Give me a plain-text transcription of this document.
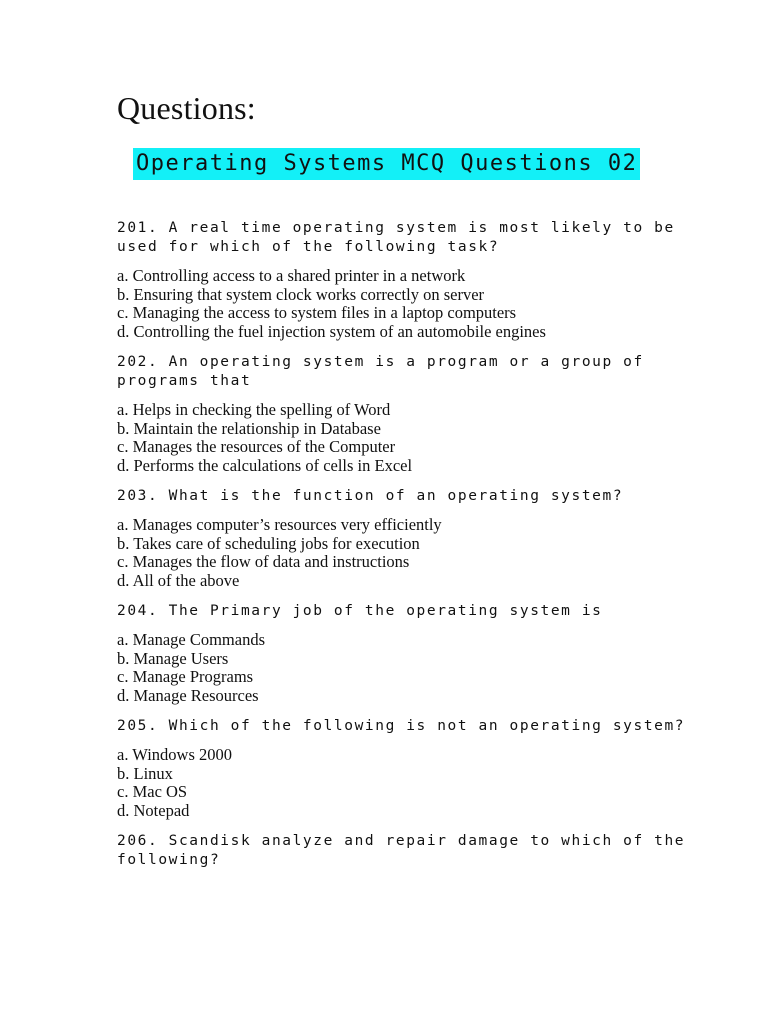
Questions:
Operating Systems MCQ Questions 02
201. A real time operating system is most likely to be
used for which of the following task?
a. Controlling access to a shared printer in a network
b. Ensuring that system clock works correctly on server
c. Managing the access to system files in a laptop computers
d. Controlling the fuel injection system of an automobile engines
202. An operating system is a program or a group of
programs that
a. Helps in checking the spelling of Word
b. Maintain the relationship in Database
c. Manages the resources of the Computer
d. Performs the calculations of cells in Excel
203. What is the function of an operating system?
a. Manages computer’s resources very efficiently
b. Takes care of scheduling jobs for execution
c. Manages the flow of data and instructions
d. All of the above
204. The Primary job of the operating system is
a. Manage Commands
b. Manage Users
c. Manage Programs
d. Manage Resources
205. Which of the following is not an operating system?
a. Windows 2000
b. Linux
c. Mac OS
d. Notepad
206. Scandisk analyze and repair damage to which of the
following?
